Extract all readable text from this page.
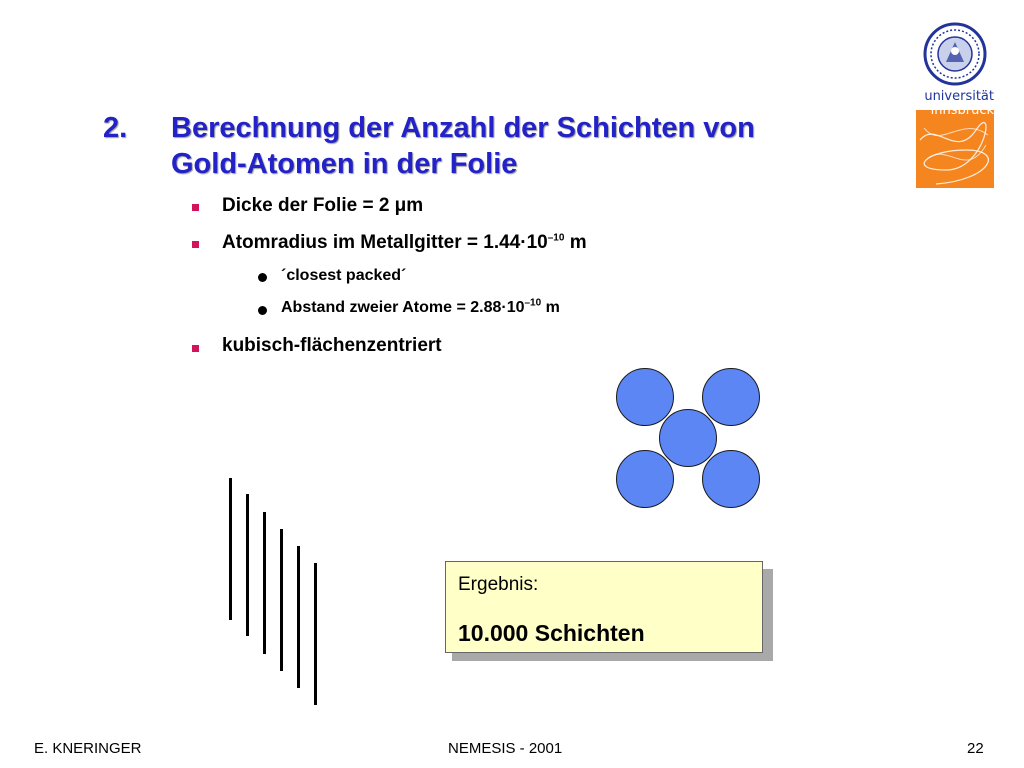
universität
innsbruck
2. Berechnung der Anzahl der Schichten von
Gold-Atomen in der Folie
Dicke der Folie = 2 μm
Atomradius im Metallgitter = $1.44\cdot 10^{-10}$ m
´closest packed´
Abstand zweier Atome = $2.88\cdot 10^{-10}$ m
kubisch-flächenzentriert
Ergebnis:
10.000 Schichten
E. KNERINGER	NEMESIS - 2001	22
